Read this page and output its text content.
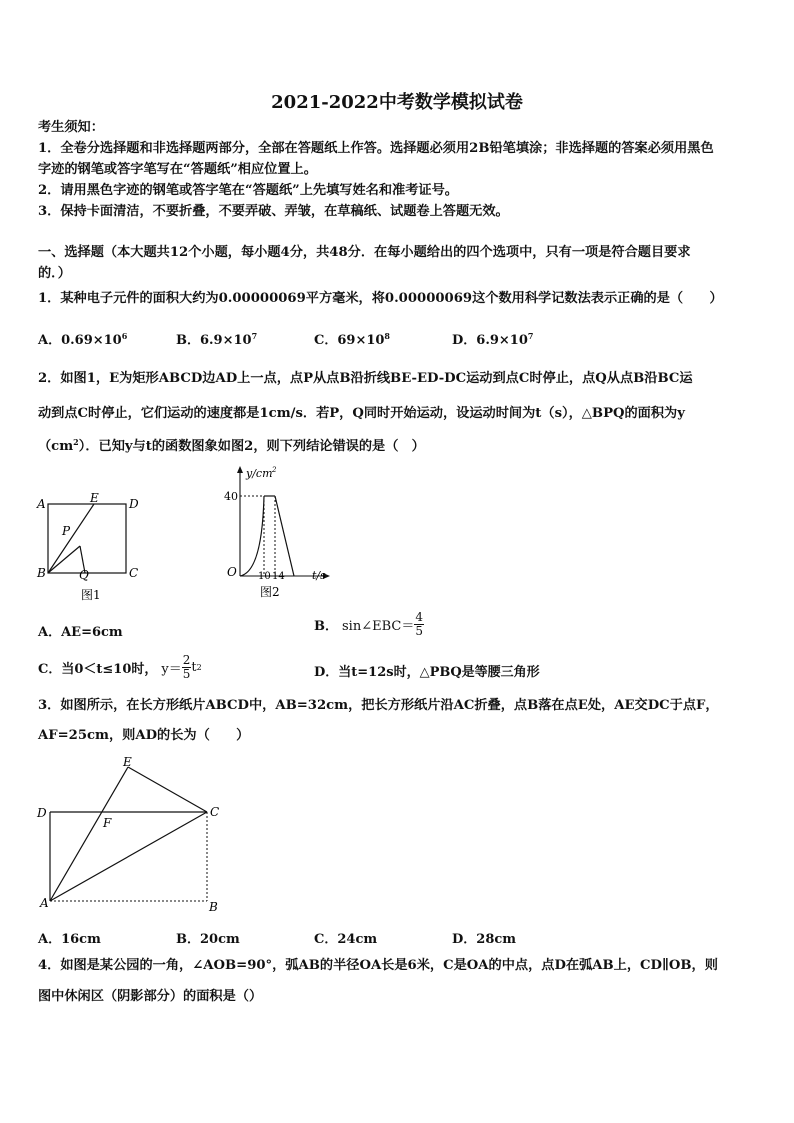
2021-2022中考数学模拟试卷
考生须知：
1．全卷分选择题和非选择题两部分，全部在答题纸上作答。选择题必须用2B铅笔填涂；非选择题的答案必须用黑色
字迹的钢笔或答字笔写在“答题纸”相应位置上。
2．请用黑色字迹的钢笔或答字笔在“答题纸”上先填写姓名和准考证号。
3．保持卡面清洁，不要折叠，不要弄破、弄皱，在草稿纸、试题卷上答题无效。
一、选择题（本大题共12个小题，每小题4分，共48分．在每小题给出的四个选项中，只有一项是符合题目要求
的．）
1．某种电子元件的面积大约为0.00000069平方毫米，将0.00000069这个数用科学记数法表示正确的是（　　）
A．$0.69\times 10^6$	B．$6.9\times 10^7$	C．$69\times 10^8$	D．$6.9\times 10^7$
2．如图1，E为矩形ABCD边AD上一点，点P从点B沿折线BE-ED-DC运动到点C时停止，点Q从点B沿BC运
动到点C时停止，它们运动的速度都是1cm/s．若P，Q同时开始运动，设运动时间为t（s），△BPQ的面积为y
$(cm^2)$．已知y与t的函数图象如图2，则下列结论错误的是（　）
A	E	D
P
B	Q	C
图1
y/cm 2
40
O 10 14 t/s
图2
A．AE=6cm	B． sin∠EBC＝ $\frac{4}{5}$
C．当0＜t≤10时， $y= \frac{2}{5}$ t 2	D．当t=12s时，△PBQ是等腰三角形
3．如图所示，在长方形纸片ABCD中，AB=32cm，把长方形纸片沿AC折叠，点B落在点E处，AE交DC于点F，
AF=25cm，则AD的长为（　　）
E
D
F
C
A	B
A．16cm	B．20cm	C．24cm	D．28cm
4．如图是某公园的一角，∠AOB=90°，弧AB的半径OA长是6米，C是OA的中点，点D在弧AB上，CD∥OB，则
图中休闲区（阴影部分）的面积是（）
